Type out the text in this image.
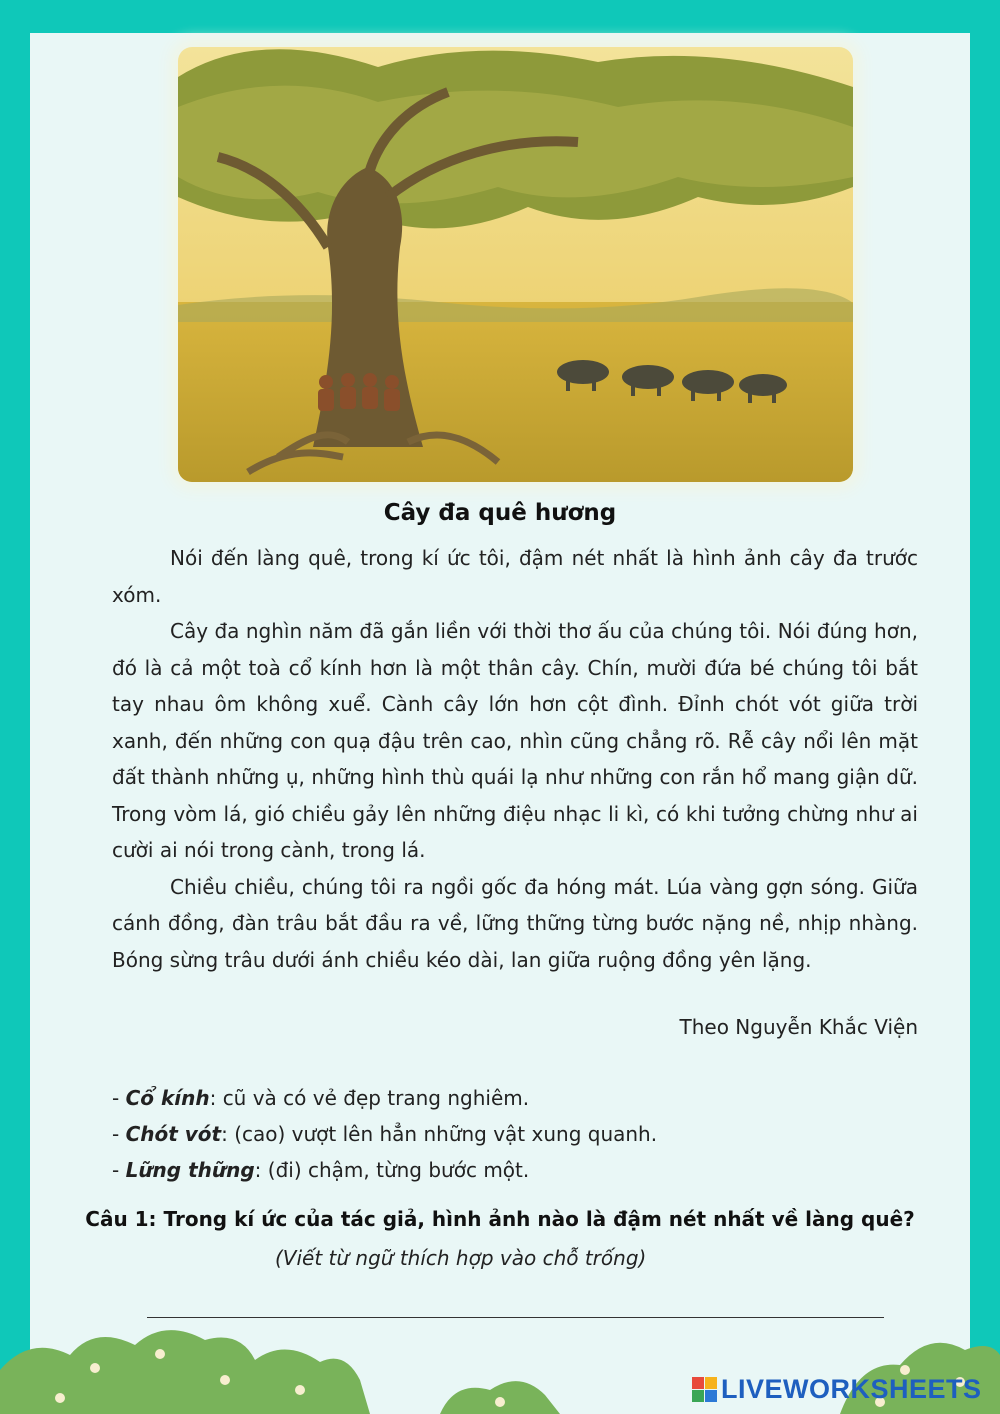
Cây đa quê hương

Nói đến làng quê, trong kí ức tôi, đậm nét nhất là hình ảnh cây đa trước xóm.

Cây đa nghìn năm đã gắn liền với thời thơ ấu của chúng tôi. Nói đúng hơn, đó là cả một toà cổ kính hơn là một thân cây. Chín, mười đứa bé chúng tôi bắt tay nhau ôm không xuể. Cành cây lớn hơn cột đình. Đỉnh chót vót giữa trời xanh, đến những con quạ đậu trên cao, nhìn cũng chẳng rõ. Rễ cây nổi lên mặt đất thành những ụ, những hình thù quái lạ như những con rắn hổ mang giận dữ. Trong vòm lá, gió chiều gảy lên những điệu nhạc li kì, có khi tưởng chừng như ai cười ai nói trong cành, trong lá.

Chiều chiều, chúng tôi ra ngồi gốc đa hóng mát. Lúa vàng gợn sóng. Giữa cánh đồng, đàn trâu bắt đầu ra về, lững thững từng bước nặng nề, nhịp nhàng. Bóng sừng trâu dưới ánh chiều kéo dài, lan giữa ruộng đồng yên lặng.

Theo Nguyễn Khắc Viện
- Cổ kính: cũ và có vẻ đẹp trang nghiêm.
- Chót vót: (cao) vượt lên hẳn những vật xung quanh.
- Lững thững: (đi) chậm, từng bước một.
Câu 1: Trong kí ức của tác giả, hình ảnh nào là đậm nét nhất về làng quê?
(Viết từ ngữ thích hợp vào chỗ trống)
LIVEWORKSHEETS
